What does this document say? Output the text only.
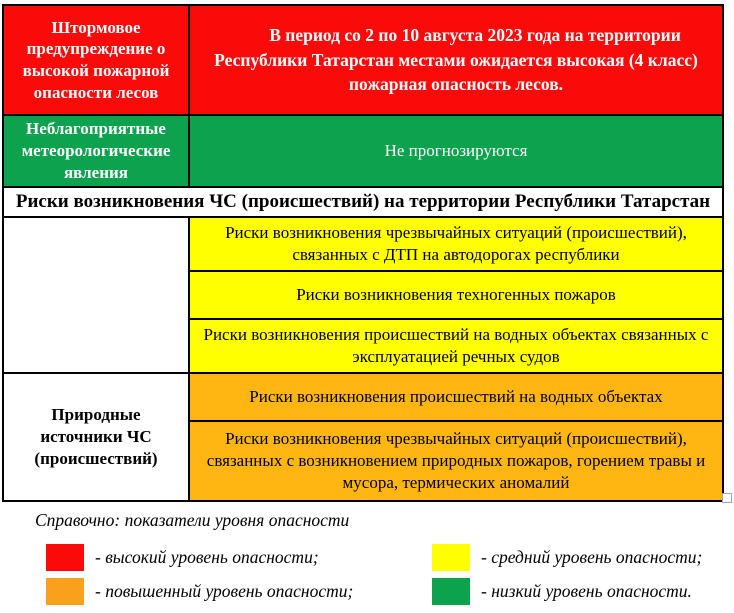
Штормовое предупреждение о высокой пожарной опасности лесов	В период со 2 по 10 августа 2023 года на территории Республики Татарстан местами ожидается высокая (4 класс) пожарная опасность лесов.
Неблагоприятные метеорологические явления	Не прогнозируются
Риски возникновения ЧС (происшествий) на территории Республики Татарстан	
	Риски возникновения чрезвычайных ситуаций (происшествий), связанных с ДТП на автодорогах республики
	Риски возникновения техногенных пожаров
	Риски возникновения происшествий на водных объектах связанных с эксплуатацией речных судов
Природные источники ЧС (происшествий)	Риски возникновения происшествий на водных объектах
	Риски возникновения чрезвычайных ситуаций (происшествий), связанных с возникновением природных пожаров, горением травы и мусора, термических аномалий
Справочно: показатели уровня опасности
- высокий уровень опасности;	- средний уровень опасности;
- повышенный уровень опасности;	- низкий уровень опасности.
